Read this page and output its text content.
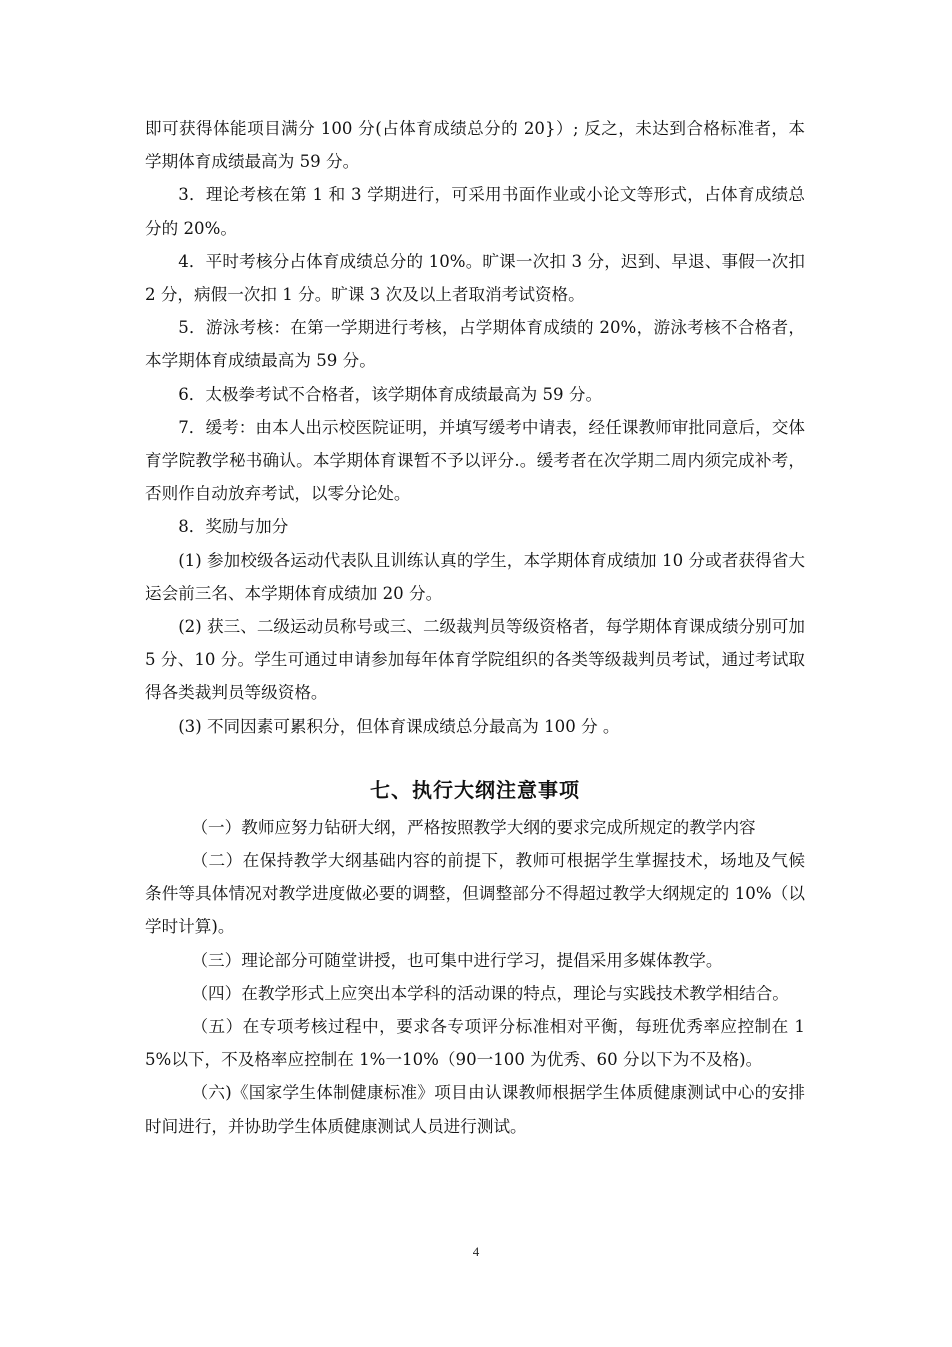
即可获得体能项目满分 100 分(占体育成绩总分的 20}）; 反之，未达到合格标准者，本学期体育成绩最高为 59 分。

3．理论考核在第 1 和 3 学期进行，可采用书面作业或小论文等形式，占体育成绩总分的 20%。

4．平时考核分占体育成绩总分的 10%。旷课一次扣 3 分，迟到、早退、事假一次扣 2 分，病假一次扣 1 分。旷课 3 次及以上者取消考试资格。

5．游泳考核：在第一学期进行考核，占学期体育成绩的 20%，游泳考核不合格者，本学期体育成绩最高为 59 分。

6．太极拳考试不合格者，该学期体育成绩最高为 59 分。

7．缓考：由本人出示校医院证明，并填写缓考中请表，经任课教师审批同意后，交体育学院教学秘书确认。本学期体育课暂不予以评分.。缓考者在次学期二周内须完成补考，否则作自动放弃考试，以零分论处。

8．奖励与加分

(1) 参加校级各运动代表队且训练认真的学生，本学期体育成绩加 10 分或者获得省大运会前三名、本学期体育成绩加 20 分。

(2) 获三、二级运动员称号或三、二级裁判员等级资格者，每学期体育课成绩分别可加 5 分、10 分。学生可通过申请参加每年体育学院组织的各类等级裁判员考试，通过考试取得各类裁判员等级资格。

(3) 不同因素可累积分，但体育课成绩总分最高为 100 分 。

七、执行大纲注意事项

（一）教师应努力钻研大纲，严格按照教学大纲的要求完成所规定的教学内容

（二）在保持教学大纲基础内容的前提下，教师可根据学生掌握技术，场地及气候条件等具体情况对教学进度做必要的调整，但调整部分不得超过教学大纲规定的 10%（以学时计算)。

（三）理论部分可随堂讲授，也可集中进行学习，提倡采用多媒体教学。

（四）在教学形式上应突出本学科的活动课的特点，理论与实践技术教学相结合。

（五）在专项考核过程中，要求各专项评分标准相对平衡，每班优秀率应控制在 15%以下，不及格率应控制在 1%一10%（90一100 为优秀、60 分以下为不及格)。

（六)《国家学生体制健康标准》项目由认课教师根据学生体质健康测试中心的安排时间进行，并协助学生体质健康测试人员进行测试。

4
